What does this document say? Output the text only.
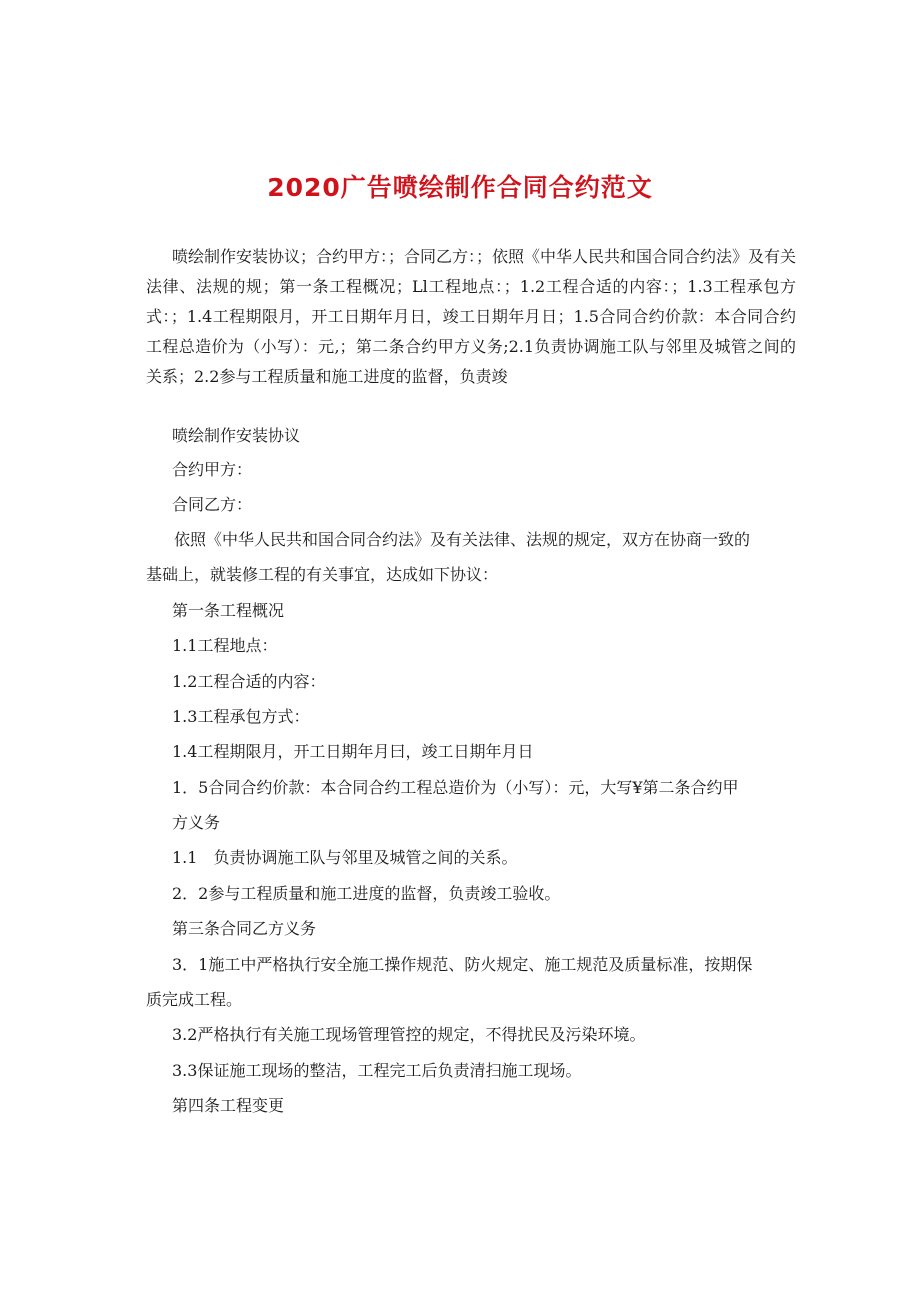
2020广告喷绘制作合同合约范文

喷绘制作安装协议；合约甲方：；合同乙方：；依照《中华人民共和国合同合约法》及有关法律、法规的规；第一条工程概况；Ll工程地点：；1.2工程合适的内容：；1.3工程承包方式：；1.4工程期限月，开工日期年月日，竣工日期年月日；1.5合同合约价款：本合同合约工程总造价为（小写）：元,；第二条合约甲方义务;2.1负责协调施工队与邻里及城管之间的关系；2.2参与工程质量和施工进度的监督，负责竣

喷绘制作安装协议

合约甲方：

合同乙方：

依照《中华人民共和国合同合约法》及有关法律、法规的规定，双方在协商一致的

基础上，就装修工程的有关事宜，达成如下协议：

第一条工程概况

1.1工程地点：

1.2工程合适的内容：

1.3工程承包方式：

1.4工程期限月，开工日期年月曰，竣工日期年月日

1．5合同合约价款：本合同合约工程总造价为（小写）：元，大写¥第二条合约甲

方义务

1.1　负责协调施工队与邻里及城管之间的关系。

2．2参与工程质量和施工进度的监督，负责竣工验收。

第三条合同乙方义务

3．1施工中严格执行安全施工操作规范、防火规定、施工规范及质量标准，按期保

质完成工程。

3.2严格执行有关施工现场管理管控的规定，不得扰民及污染环境。

3.3保证施工现场的整洁，工程完工后负责清扫施工现场。

第四条工程变更
